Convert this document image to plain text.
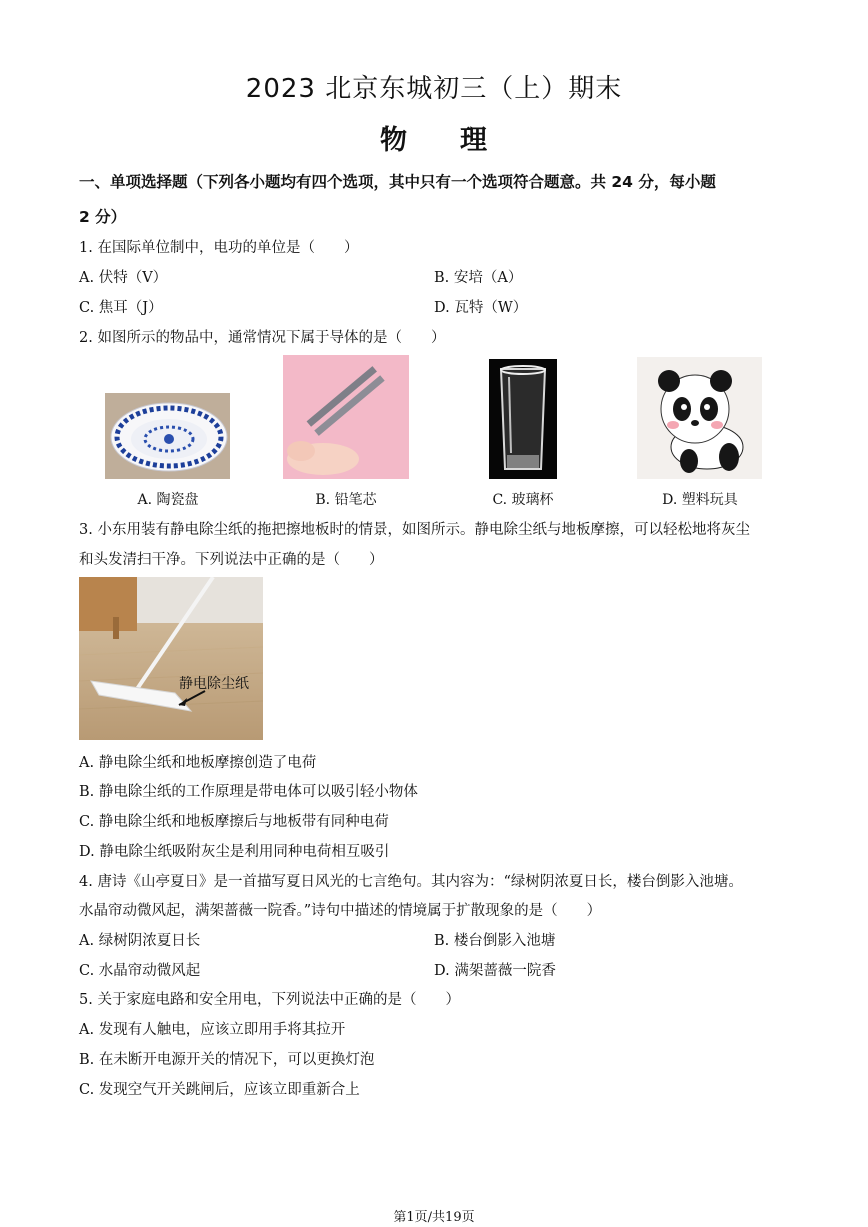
2023 北京东城初三（上）期末
物 理
一、单项选择题（下列各小题均有四个选项，其中只有一个选项符合题意。共 24 分，每小题
2 分）
1. 在国际单位制中，电功的单位是（　　）
A. 伏特（V）	B. 安培（A）
C. 焦耳（J）	D. 瓦特（W）
2. 如图所示的物品中，通常情况下属于导体的是（　　）
A. 陶瓷盘	B. 铅笔芯	C. 玻璃杯	D. 塑料玩具
3. 小东用装有静电除尘纸的拖把擦地板时的情景，如图所示。静电除尘纸与地板摩擦，可以轻松地将灰尘
和头发清扫干净。下列说法中正确的是（　　）
静电除尘纸
A. 静电除尘纸和地板摩擦创造了电荷
B. 静电除尘纸的工作原理是带电体可以吸引轻小物体
C. 静电除尘纸和地板摩擦后与地板带有同种电荷
D. 静电除尘纸吸附灰尘是利用同种电荷相互吸引
4. 唐诗《山亭夏日》是一首描写夏日风光的七言绝句。其内容为：“绿树阴浓夏日长，楼台倒影入池塘。
水晶帘动微风起，满架蔷薇一院香。”诗句中描述的情境属于扩散现象的是（　　）
A. 绿树阴浓夏日长	B. 楼台倒影入池塘
C. 水晶帘动微风起	D. 满架蔷薇一院香
5. 关于家庭电路和安全用电，下列说法中正确的是（　　）
A. 发现有人触电，应该立即用手将其拉开
B. 在未断开电源开关的情况下，可以更换灯泡
C. 发现空气开关跳闸后，应该立即重新合上
第1页/共19页
